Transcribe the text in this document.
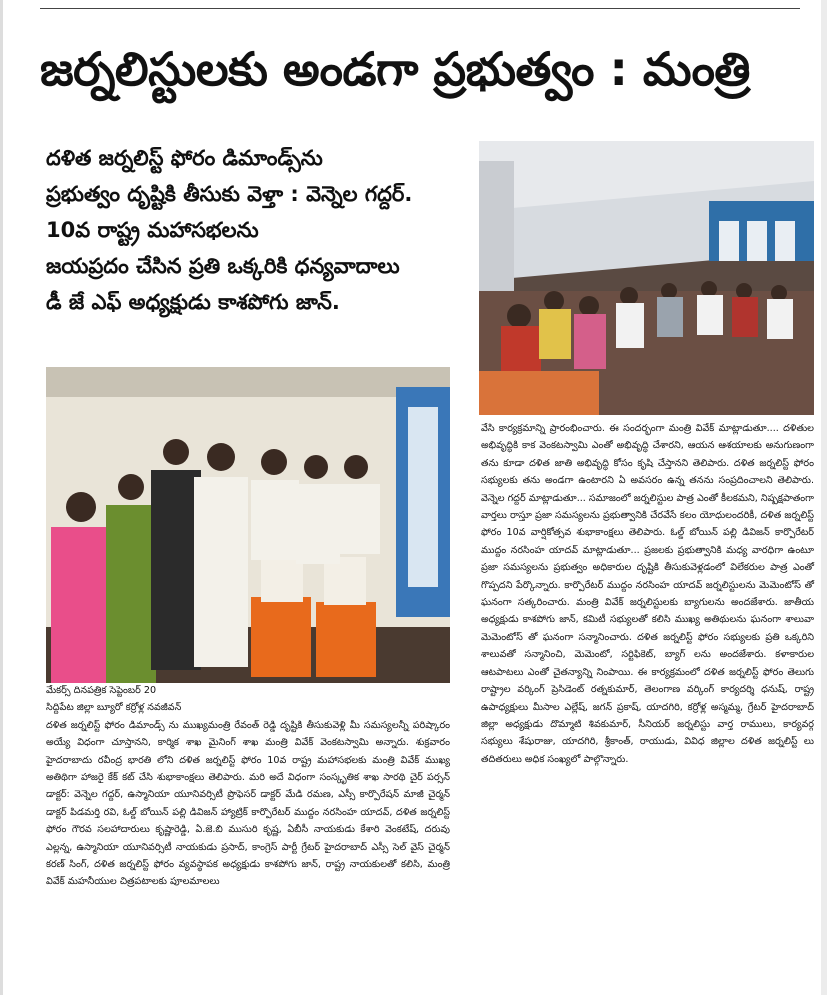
జర్నలిస్టులకు అండగా ప్రభుత్వం : మంత్రి
దళిత జర్నలిస్ట్ ఫోరం డిమాండ్స్‌ను
ప్రభుత్వం దృష్టికి తీసుకు వెళ్తా : వెన్నెల గద్దర్.
10వ రాష్ట్ర మహాసభలను
జయప్రదం చేసిన ప్రతి ఒక్కరికి ధన్యవాదాలు
డీ జే ఎఫ్ అధ్యక్షుడు కాశపోగు జాన్.
మేకర్స్ దినపత్రిక సెప్టెంబర్ 20
సిద్దిపేట జిల్లా బ్యూరో కర్రోళ్ల నవజీవన్

దళిత జర్నలిస్ట్ ఫోరం డిమాండ్స్ ను ముఖ్యమంత్రి రేవంత్ రెడ్డి దృష్టికి తీసుకువెళ్లి మీ సమస్యలన్నీ పరిష్కారం అయ్యే విధంగా చూస్తానని, కార్మిక శాఖ మైనింగ్ శాఖ మంత్రి వివేక్ వెంకటస్వామి అన్నారు. శుక్రవారం హైదరాబాదు రవీంద్ర భారతి లోని దళిత జర్నలిస్ట్ ఫోరం 10వ రాష్ట్ర మహాసభలకు మంత్రి వివేక్ ముఖ్య అతిథిగా హాజరై కేక్ కట్ చేసి శుభాకాంక్షలు తెలిపారు. మరి అదే విధంగా సంస్కృతిక శాఖ సారథి చైర్ పర్సన్ డాక్టర్: వెన్నెల గద్దర్, ఉస్మానియా యూనివర్సిటీ ప్రొఫెసర్ డాక్టర్ మేడి రమణ, ఎస్సీ కార్పొరేషన్ మాజీ చైర్మన్ డాక్టర్ పిడమర్తి రవి, ఓల్డ్ బోయిన్ పల్లి డివిజన్ హ్యాట్రిక్ కార్పొరేటర్ ముద్దం నరసింహ యాదవ్, దళిత జర్నలిస్ట్ ఫోరం గౌరవ సలహాదారులు కృష్ణారెడ్డి, ఏ.జె.బి ముసురి కృష్ణ, ఏబీసీ నాయకుడు కేశారి వెంకటేష్, దరువు ఎల్లన్న, ఉస్మానియా యూనివర్సిటీ నాయకుడు ప్రసాద్, కాంగ్రెస్ పార్టీ గ్రేటర్ హైదరాబాద్ ఎస్సీ సెల్ వైస్ చైర్మన్ కరణ్ సింగ్, దళిత జర్నలిస్ట్ ఫోరం వ్యవస్థాపక అధ్యక్షుడు కాశపోగు జాన్, రాష్ట్ర నాయకులతో కలిసి, మంత్రి వివేక్ మహనీయుల చిత్రపటాలకు పూలమాలలు

వేసి కార్యక్రమాన్ని ప్రారంభించారు. ఈ సందర్భంగా మంత్రి వివేక్ మాట్లాడుతూ.... దళితుల అభివృద్ధికి కాక వెంకటస్వామి ఎంతో అభివృద్ధి చేశారని, ఆయన ఆశయాలకు అనుగుణంగా తను కూడా దళిత జాతి అభివృద్ధి కోసం కృషి చేస్తానని తెలిపారు. దళిత జర్నలిస్ట్ ఫోరం సభ్యులకు తను అండగా ఉంటారని ఏ అవసరం ఉన్న తనను సంప్రదించాలని తెలిపారు. వెన్నెల గద్దర్ మాట్లాడుతూ... సమాజంలో జర్నలిస్టుల పాత్ర ఎంతో కీలకమని, నిష్పక్షపాతంగా వార్తలు రాస్తూ ప్రజా సమస్యలను ప్రభుత్వానికి చేరవేసే కలం యోధులందరికీ, దళిత జర్నలిస్ట్ ఫోరం 10వ వార్షికోత్సవ శుభాకాంక్షలు తెలిపారు. ఓల్డ్ బోయిన్ పల్లి డివిజన్ కార్పొరేటర్ ముద్దం నరసింహ యాదవ్ మాట్లాడుతూ... ప్రజలకు ప్రభుత్వానికి మధ్య వారధిగా ఉంటూ ప్రజా సమస్యలను ప్రభుత్వం అధికారుల దృష్టికి తీసుకువెళ్లడంలో విలేకరుల పాత్ర ఎంతో గొప్పదని పేర్కొన్నారు. కార్పొరేటర్ ముద్దం నరసింహ యాదవ్ జర్నలిస్టులను మెమెంటోస్ తో ఘనంగా సత్కరించారు. మంత్రి వివేక్ జర్నలిస్టులకు బ్యాగులను అందజేశారు. జాతీయ అధ్యక్షుడు కాశపోగు జాన్, కమిటీ సభ్యులతో కలిసి ముఖ్య అతిథులను ఘనంగా శాలువా మెమెంటోస్ తో ఘనంగా సన్మానించారు. దళిత జర్నలిస్ట్ ఫోరం సభ్యులకు ప్రతి ఒక్కరిని శాలువతో సన్మానించి, మెమెంటో, సర్టిఫికెట్, బ్యాగ్ లను అందజేశారు. కళాకారుల ఆటపాటలు ఎంతో చైతన్యాన్ని నింపాయి. ఈ కార్యక్రమంలో దళిత జర్నలిస్ట్ ఫోరం తెలుగు రాష్ట్రాల వర్కింగ్ ప్రెసిడెంట్ రత్నకుమార్, తెలంగాణ వర్కింగ్ కార్యదర్శి ధనుష్, రాష్ట్ర ఉపాధ్యక్షులు మీసాల ఎల్లేష్, జగన్ ప్రకాష్, యాదగిరి, కర్రోళ్ల అస్మమ్మ, గ్రేటర్ హైదరాబాద్ జిల్లా అధ్యక్షుడు దొమ్మాటి శివకుమార్, సీనియర్ జర్నలిస్టు వార్త రాములు, కార్యవర్గ సభ్యులు శేషురాజు, యాదగిరి, శ్రీకాంత్, రాయుడు, వివిధ జిల్లాల దళిత జర్నలిస్ట్ లు తదితరులు అధిక సంఖ్యలో పాల్గొన్నారు.
